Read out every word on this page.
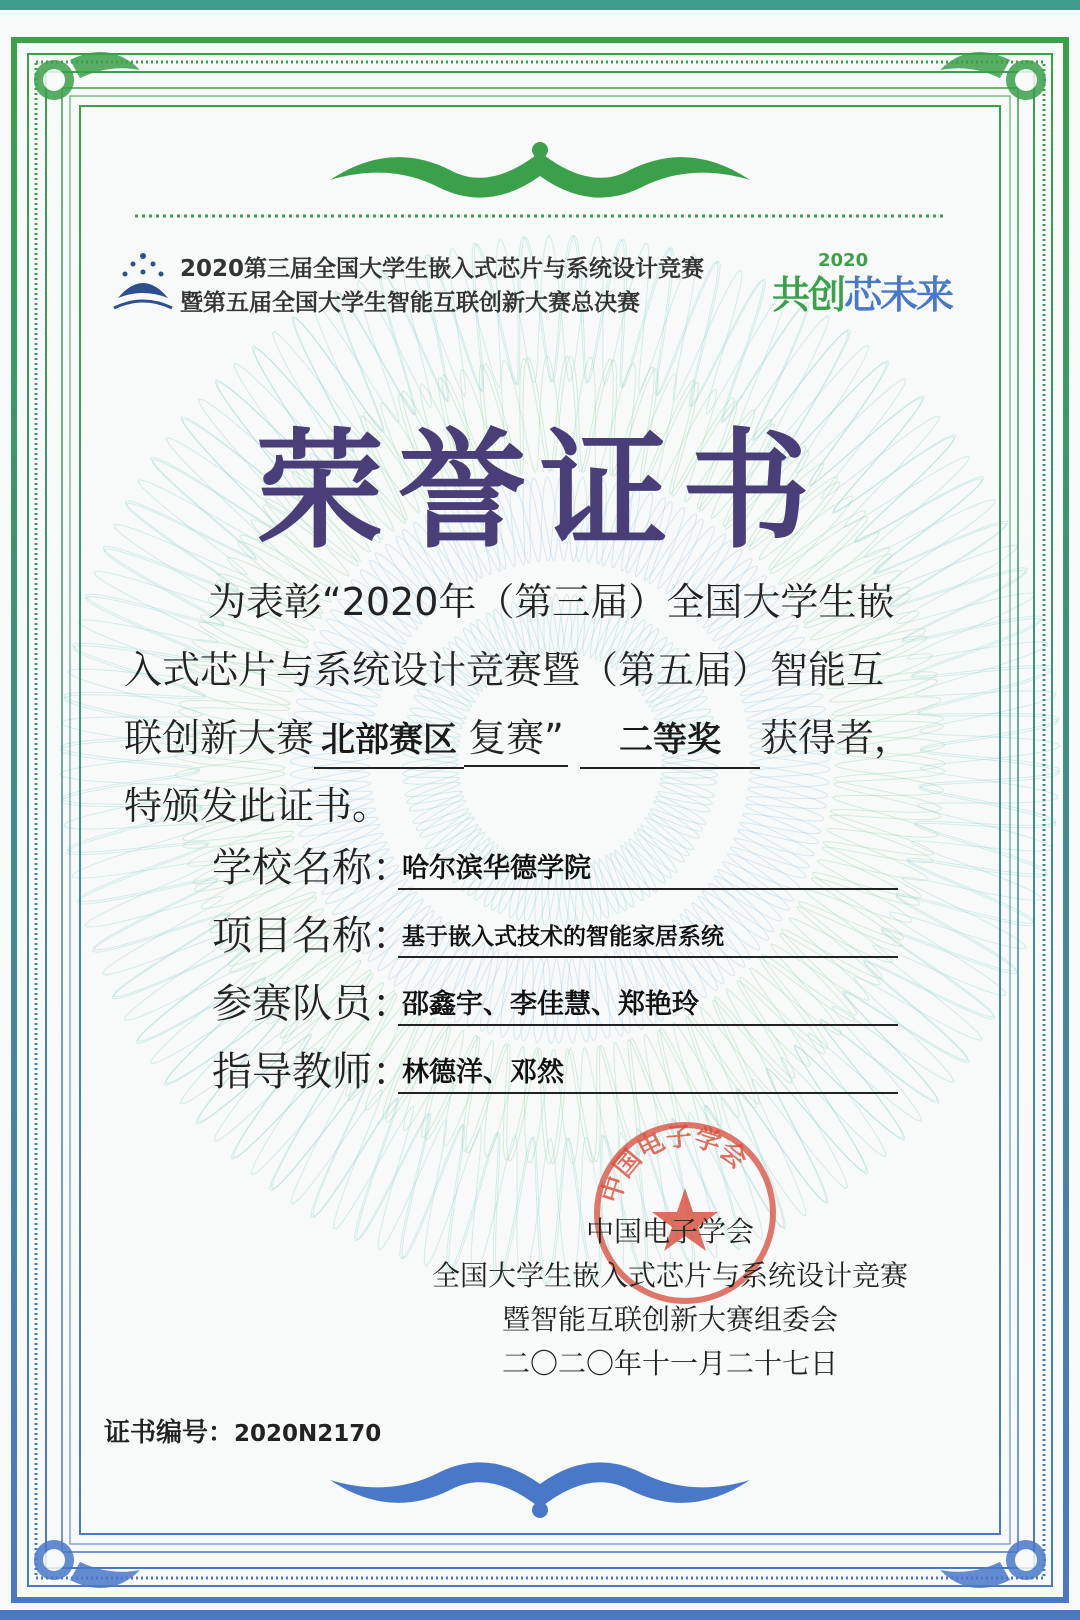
2020第三届全国大学生嵌入式芯片与系统设计竞赛
暨第五届全国大学生智能互联创新大赛总决赛
2020
共创芯未来
荣誉证书
为表彰“2020年（第三届）全国大学生嵌
入式芯片与系统设计竞赛暨（第五届）智能互
联创新大赛 北部赛区 复赛” 二等奖 获得者，
特颁发此证书。
学校名称：
哈尔滨华德学院
项目名称：
基于嵌入式技术的智能家居系统
参赛队员：
邵鑫宇、李佳慧、郑艳玲
指导教师：
林德洋、邓然
中国电子学会
中国电子学会
全国大学生嵌入式芯片与系统设计竞赛
暨智能互联创新大赛组委会
二〇二〇年十一月二十七日
证书编号：2020N2170
